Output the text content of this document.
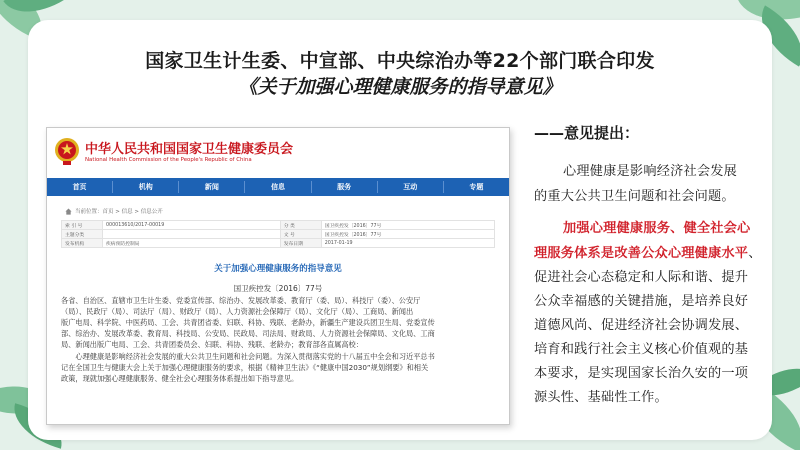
国家卫生计生委、中宣部、中央综治办等22个部门联合印发
《关于加强心理健康服务的指导意见》
中华人民共和国国家卫生健康委员会
National Health Commission of the People's Republic of China
首页	机构	新闻	信息	服务	互动	专题
当前位置：首页 > 信息 > 信息公开
索 引 号	000013610/2017-00019	分 类	国卫疾控发〔2016〕77号
主题分类		文 号	国卫疾控发〔2016〕77号
发布机构	疾病预防控制局	发布日期	2017-01-19
关于加强心理健康服务的指导意见
国卫疾控发〔2016〕77号
各省、自治区、直辖市卫生计生委、党委宣传部、综治办、发展改革委、教育厅（委、局）、科技厅（委）、公安厅
（局）、民政厅（局）、司法厅（局）、财政厅（局）、人力资源社会保障厅（局）、文化厅（局）、工商局、新闻出
版广电局、科学院、中医药局、工会、共青团省委、妇联、科协、残联、老龄办，新疆生产建设兵团卫生局、党委宣传
部、综治办、发展改革委、教育局、科技局、公安局、民政局、司法局、财政局、人力资源社会保障局、文化局、工商
局、新闻出版广电局、工会、共青团委员会、妇联、科协、残联、老龄办；教育部各直属高校：
　　心理健康是影响经济社会发展的重大公共卫生问题和社会问题。为深入贯彻落实党的十八届五中全会和习近平总书
记在全国卫生与健康大会上关于加强心理健康服务的要求，根据《精神卫生法》《“健康中国2030”规划纲要》和相关
政策，现就加强心理健康服务、健全社会心理服务体系提出如下指导意见。
——意见提出：
心理健康是影响经济社会发展
的重大公共卫生问题和社会问题。
加强心理健康服务、健全社会心
理服务体系是改善公众心理健康水平、
促进社会心态稳定和人际和谐、提升
公众幸福感的关键措施，是培养良好
道德风尚、促进经济社会协调发展、
培育和践行社会主义核心价值观的基
本要求，是实现国家长治久安的一项
源头性、基础性工作。
